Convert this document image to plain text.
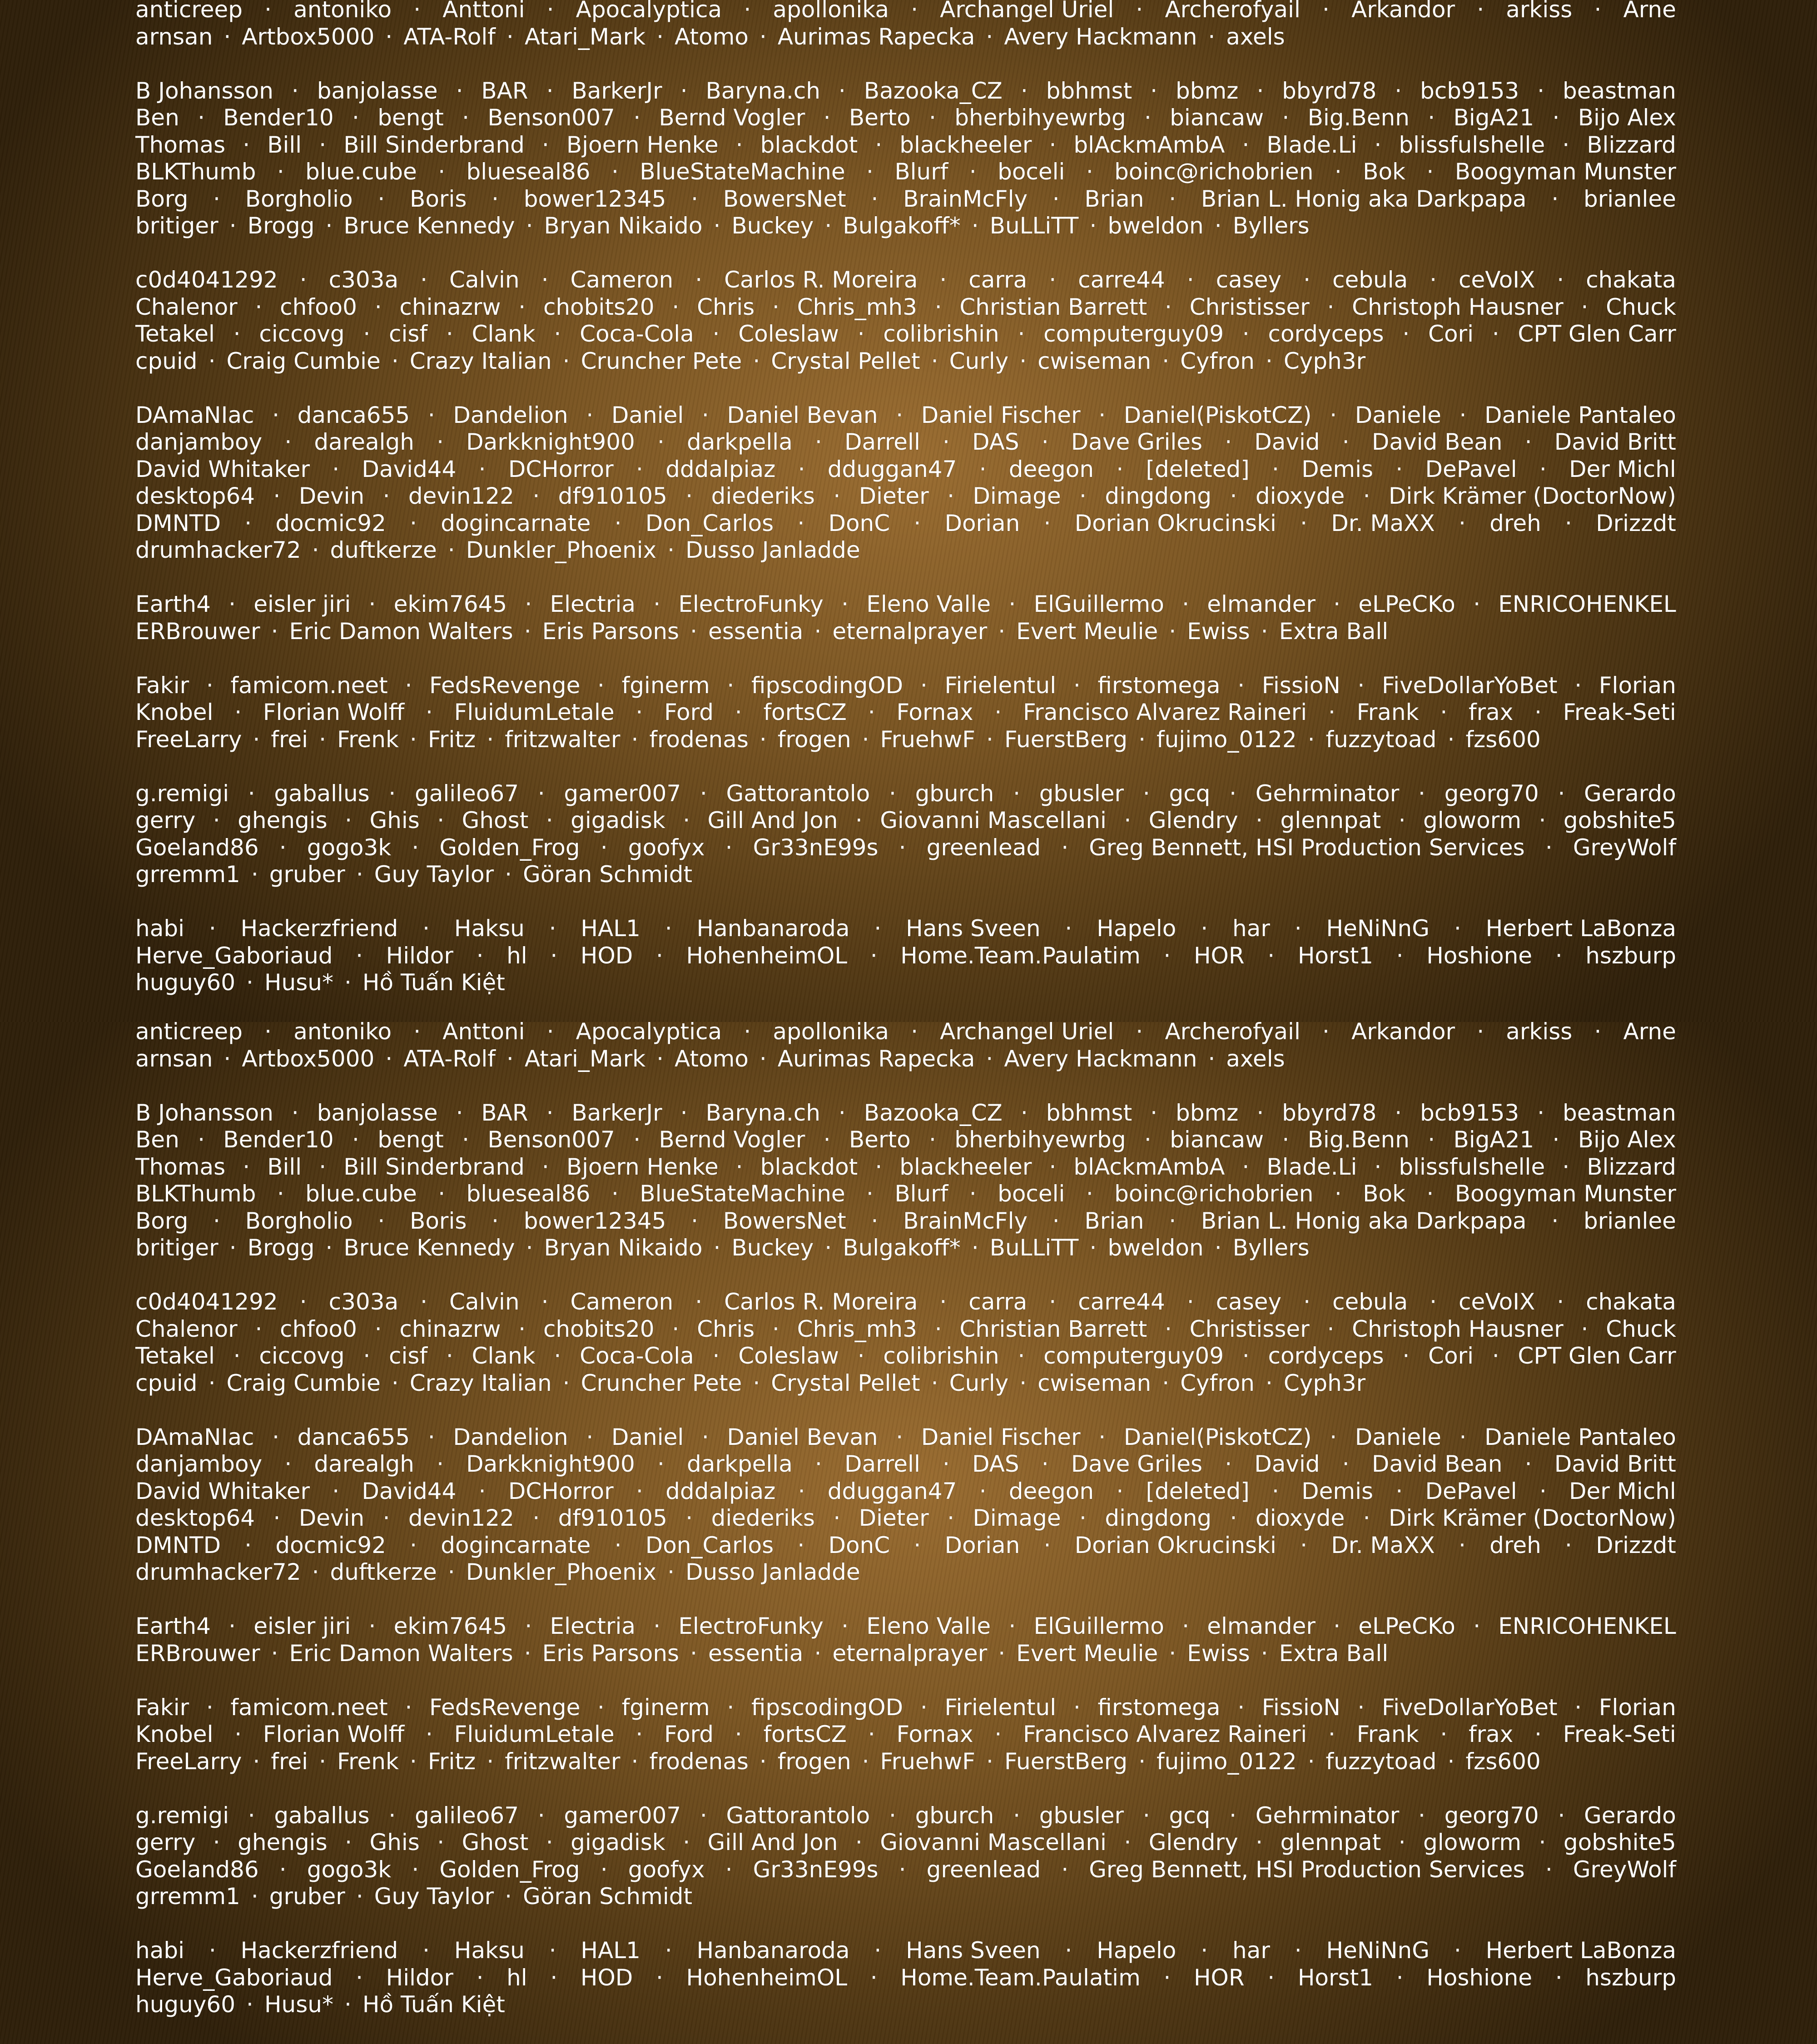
anticreep · antoniko · Anttoni · Apocalyptica · apollonika · Archangel Uriel · Archerofyail · Arkandor · arkiss · Arne
arnsan · Artbox5000 · ATA-Rolf · Atari_Mark · Atomo · Aurimas Rapecka · Avery Hackmann · axels
B Johansson · banjolasse · BAR · BarkerJr · Baryna.ch · Bazooka_CZ · bbhmst · bbmz · bbyrd78 · bcb9153 · beastman
Ben · Bender10 · bengt · Benson007 · Bernd Vogler · Berto · bherbihyewrbg · biancaw · Big.Benn · BigA21 · Bijo Alex
Thomas · Bill · Bill Sinderbrand · Bjoern Henke · blackdot · blackheeler · blAckmAmbA · Blade.Li · blissfulshelle · Blizzard
BLKThumb · blue.cube · blueseal86 · BlueStateMachine · Blurf · boceli · boinc@richobrien · Bok · Boogyman Munster
Borg · Borgholio · Boris · bower12345 · BowersNet · BrainMcFly · Brian · Brian L. Honig aka Darkpapa · brianlee
britiger · Brogg · Bruce Kennedy · Bryan Nikaido · Buckey · Bulgakoff* · BuLLiTT · bweldon · Byllers
c0d4041292 · c303a · Calvin · Cameron · Carlos R. Moreira · carra · carre44 · casey · cebula · ceVoIX · chakata
Chalenor · chfoo0 · chinazrw · chobits20 · Chris · Chris_mh3 · Christian Barrett · Christisser · Christoph Hausner · Chuck
Tetakel · ciccovg · cisf · Clank · Coca-Cola · Coleslaw · colibrishin · computerguy09 · cordyceps · Cori · CPT Glen Carr
cpuid · Craig Cumbie · Crazy Italian · Cruncher Pete · Crystal Pellet · Curly · cwiseman · Cyfron · Cyph3r
DAmaNIac · danca655 · Dandelion · Daniel · Daniel Bevan · Daniel Fischer · Daniel(PiskotCZ) · Daniele · Daniele Pantaleo
danjamboy · darealgh · Darkknight900 · darkpella · Darrell · DAS · Dave Griles · David · David Bean · David Britt
David Whitaker · David44 · DCHorror · dddalpiaz · dduggan47 · deegon · [deleted] · Demis · DePavel · Der Michl
desktop64 · Devin · devin122 · df910105 · diederiks · Dieter · Dimage · dingdong · dioxyde · Dirk Krämer (DoctorNow)
DMNTD · docmic92 · dogincarnate · Don_Carlos · DonC · Dorian · Dorian Okrucinski · Dr. MaXX · dreh · Drizzdt
drumhacker72 · duftkerze · Dunkler_Phoenix · Dusso Janladde
Earth4 · eisler jiri · ekim7645 · Electria · ElectroFunky · Eleno Valle · ElGuillermo · elmander · eLPeCKo · ENRICOHENKEL
ERBrouwer · Eric Damon Walters · Eris Parsons · essentia · eternalprayer · Evert Meulie · Ewiss · Extra Ball
Fakir · famicom.neet · FedsRevenge · fginerm · fipscodingOD · Firielentul · firstomega · FissioN · FiveDollarYoBet · Florian
Knobel · Florian Wolff · FluidumLetale · Ford · fortsCZ · Fornax · Francisco Alvarez Raineri · Frank · frax · Freak-Seti
FreeLarry · frei · Frenk · Fritz · fritzwalter · frodenas · frogen · FruehwF · FuerstBerg · fujimo_0122 · fuzzytoad · fzs600
g.remigi · gaballus · galileo67 · gamer007 · Gattorantolo · gburch · gbusler · gcq · Gehrminator · georg70 · Gerardo
gerry · ghengis · Ghis · Ghost · gigadisk · Gill And Jon · Giovanni Mascellani · Glendry · glennpat · gloworm · gobshite5
Goeland86 · gogo3k · Golden_Frog · goofyx · Gr33nE99s · greenlead · Greg Bennett, HSI Production Services · GreyWolf
grremm1 · gruber · Guy Taylor · Göran Schmidt
habi · Hackerzfriend · Haksu · HAL1 · Hanbanaroda · Hans Sveen · Hapelo · har · HeNiNnG · Herbert LaBonza
Herve_Gaboriaud · Hildor · hl · HOD · HohenheimOL · Home.Team.Paulatim · HOR · Horst1 · Hoshione · hszburp
huguy60 · Husu* · Hồ Tuấn Kiệt
anticreep · antoniko · Anttoni · Apocalyptica · apollonika · Archangel Uriel · Archerofyail · Arkandor · arkiss · Arne
arnsan · Artbox5000 · ATA-Rolf · Atari_Mark · Atomo · Aurimas Rapecka · Avery Hackmann · axels
B Johansson · banjolasse · BAR · BarkerJr · Baryna.ch · Bazooka_CZ · bbhmst · bbmz · bbyrd78 · bcb9153 · beastman
Ben · Bender10 · bengt · Benson007 · Bernd Vogler · Berto · bherbihyewrbg · biancaw · Big.Benn · BigA21 · Bijo Alex
Thomas · Bill · Bill Sinderbrand · Bjoern Henke · blackdot · blackheeler · blAckmAmbA · Blade.Li · blissfulshelle · Blizzard
BLKThumb · blue.cube · blueseal86 · BlueStateMachine · Blurf · boceli · boinc@richobrien · Bok · Boogyman Munster
Borg · Borgholio · Boris · bower12345 · BowersNet · BrainMcFly · Brian · Brian L. Honig aka Darkpapa · brianlee
britiger · Brogg · Bruce Kennedy · Bryan Nikaido · Buckey · Bulgakoff* · BuLLiTT · bweldon · Byllers
c0d4041292 · c303a · Calvin · Cameron · Carlos R. Moreira · carra · carre44 · casey · cebula · ceVoIX · chakata
Chalenor · chfoo0 · chinazrw · chobits20 · Chris · Chris_mh3 · Christian Barrett · Christisser · Christoph Hausner · Chuck
Tetakel · ciccovg · cisf · Clank · Coca-Cola · Coleslaw · colibrishin · computerguy09 · cordyceps · Cori · CPT Glen Carr
cpuid · Craig Cumbie · Crazy Italian · Cruncher Pete · Crystal Pellet · Curly · cwiseman · Cyfron · Cyph3r
DAmaNIac · danca655 · Dandelion · Daniel · Daniel Bevan · Daniel Fischer · Daniel(PiskotCZ) · Daniele · Daniele Pantaleo
danjamboy · darealgh · Darkknight900 · darkpella · Darrell · DAS · Dave Griles · David · David Bean · David Britt
David Whitaker · David44 · DCHorror · dddalpiaz · dduggan47 · deegon · [deleted] · Demis · DePavel · Der Michl
desktop64 · Devin · devin122 · df910105 · diederiks · Dieter · Dimage · dingdong · dioxyde · Dirk Krämer (DoctorNow)
DMNTD · docmic92 · dogincarnate · Don_Carlos · DonC · Dorian · Dorian Okrucinski · Dr. MaXX · dreh · Drizzdt
drumhacker72 · duftkerze · Dunkler_Phoenix · Dusso Janladde
Earth4 · eisler jiri · ekim7645 · Electria · ElectroFunky · Eleno Valle · ElGuillermo · elmander · eLPeCKo · ENRICOHENKEL
ERBrouwer · Eric Damon Walters · Eris Parsons · essentia · eternalprayer · Evert Meulie · Ewiss · Extra Ball
Fakir · famicom.neet · FedsRevenge · fginerm · fipscodingOD · Firielentul · firstomega · FissioN · FiveDollarYoBet · Florian
Knobel · Florian Wolff · FluidumLetale · Ford · fortsCZ · Fornax · Francisco Alvarez Raineri · Frank · frax · Freak-Seti
FreeLarry · frei · Frenk · Fritz · fritzwalter · frodenas · frogen · FruehwF · FuerstBerg · fujimo_0122 · fuzzytoad · fzs600
g.remigi · gaballus · galileo67 · gamer007 · Gattorantolo · gburch · gbusler · gcq · Gehrminator · georg70 · Gerardo
gerry · ghengis · Ghis · Ghost · gigadisk · Gill And Jon · Giovanni Mascellani · Glendry · glennpat · gloworm · gobshite5
Goeland86 · gogo3k · Golden_Frog · goofyx · Gr33nE99s · greenlead · Greg Bennett, HSI Production Services · GreyWolf
grremm1 · gruber · Guy Taylor · Göran Schmidt
habi · Hackerzfriend · Haksu · HAL1 · Hanbanaroda · Hans Sveen · Hapelo · har · HeNiNnG · Herbert LaBonza
Herve_Gaboriaud · Hildor · hl · HOD · HohenheimOL · Home.Team.Paulatim · HOR · Horst1 · Hoshione · hszburp
huguy60 · Husu* · Hồ Tuấn Kiệt
